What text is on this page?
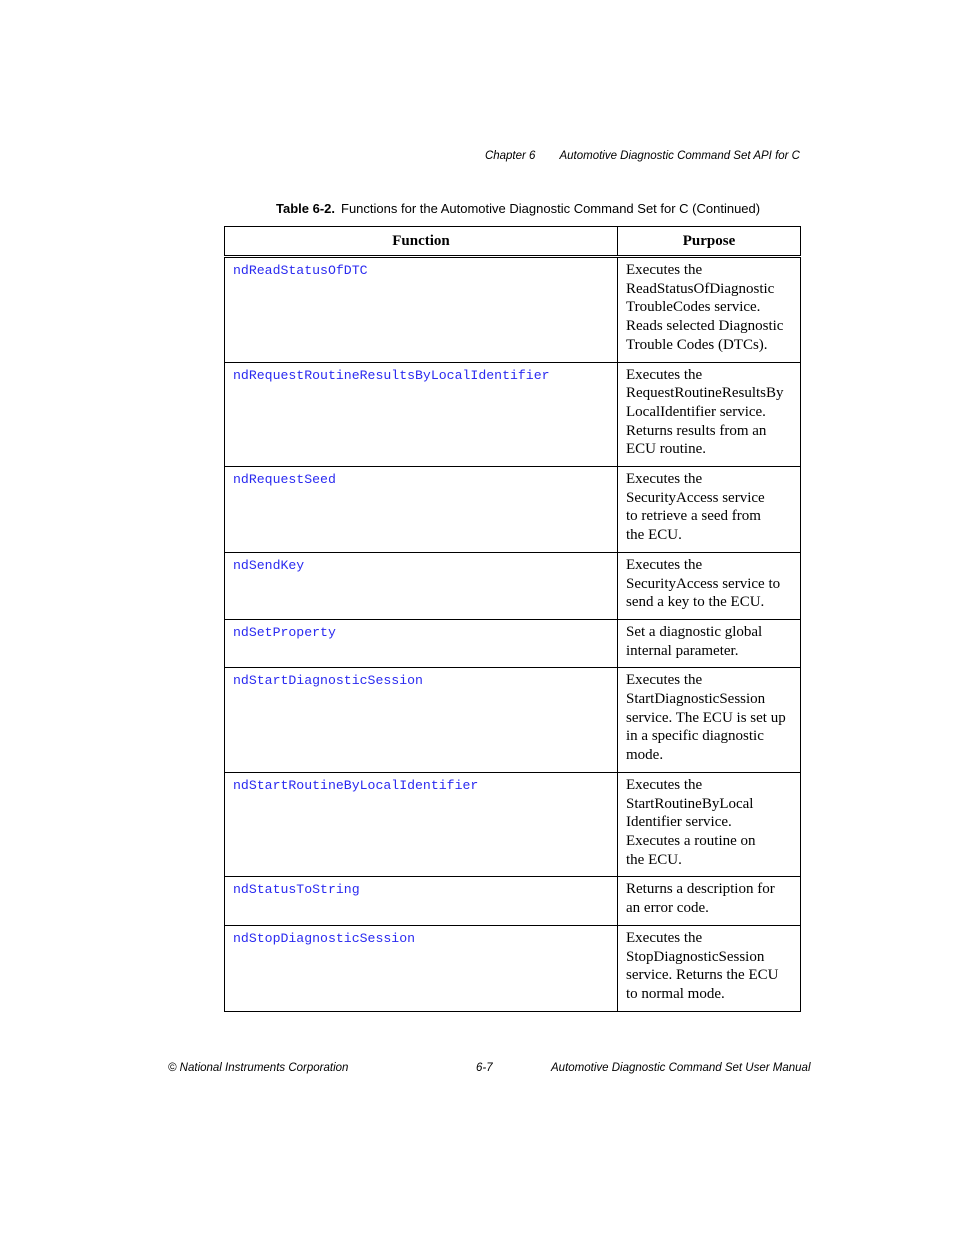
Chapter 6 Automotive Diagnostic Command Set API for C
Table 6-2. Functions for the Automotive Diagnostic Command Set for C (Continued)
Function	Purpose
ndReadStatusOfDTC	Executes the
ReadStatusOfDiagnostic
TroubleCodes service.
Reads selected Diagnostic
Trouble Codes (DTCs).

ndRequestRoutineResultsByLocalIdentifier	Executes the
RequestRoutineResultsBy
LocalIdentifier service.
Returns results from an
ECU routine.

ndRequestSeed	Executes the
SecurityAccess service
to retrieve a seed from
the ECU.

ndSendKey	Executes the
SecurityAccess service to
send a key to the ECU.

ndSetProperty	Set a diagnostic global
internal parameter.

ndStartDiagnosticSession	Executes the
StartDiagnosticSession
service. The ECU is set up
in a specific diagnostic
mode.

ndStartRoutineByLocalIdentifier	Executes the
StartRoutineByLocal
Identifier service.
Executes a routine on
the ECU.

ndStatusToString	Returns a description for
an error code.

ndStopDiagnosticSession	Executes the
StopDiagnosticSession
service. Returns the ECU
to normal mode.
© National Instruments Corporation	6-7	Automotive Diagnostic Command Set User Manual
